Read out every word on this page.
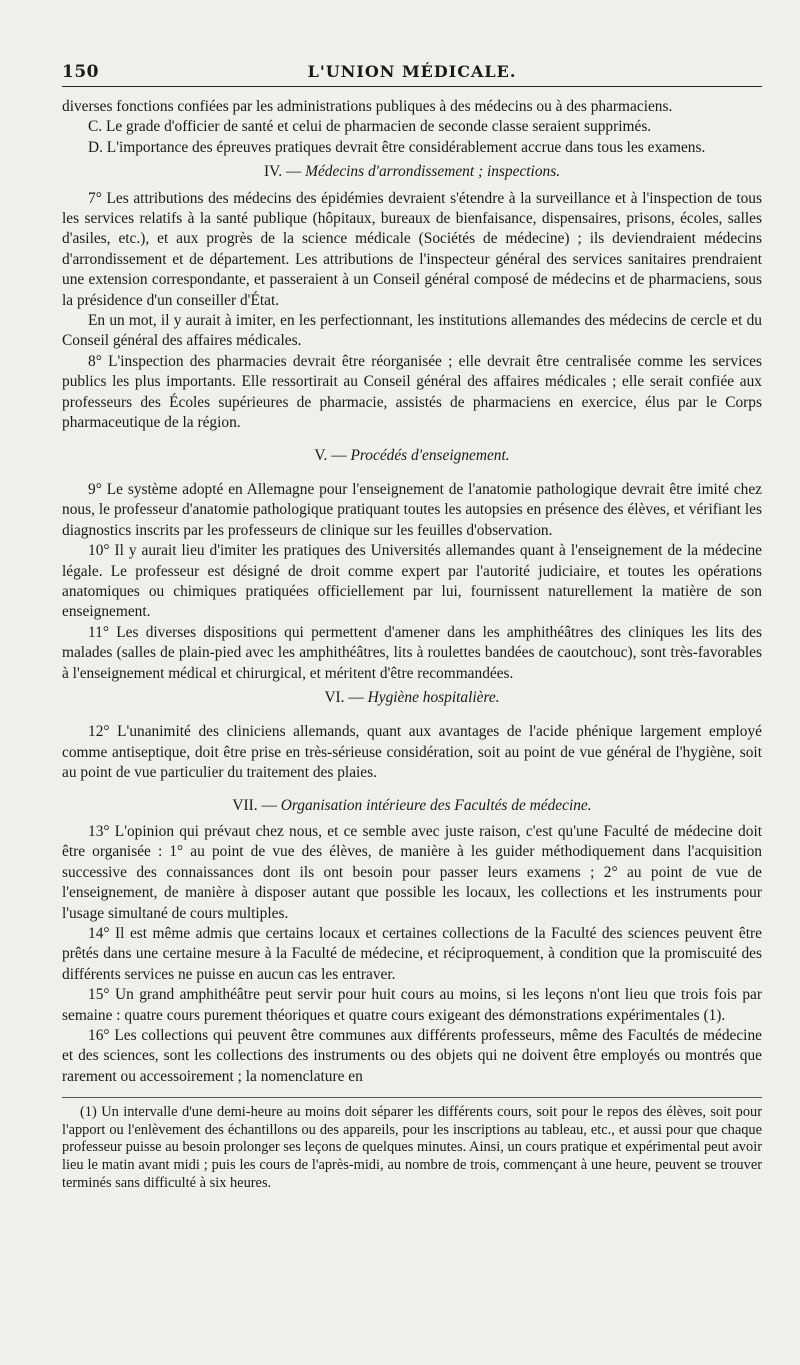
150	L'UNION MÉDICALE.

diverses fonctions confiées par les administrations publiques à des médecins ou à des pharmaciens.

C. Le grade d'officier de santé et celui de pharmacien de seconde classe seraient supprimés.

D. L'importance des épreuves pratiques devrait être considérablement accrue dans tous les examens.

IV. — Médecins d'arrondissement ; inspections.

7° Les attributions des médecins des épidémies devraient s'étendre à la surveillance et à l'inspection de tous les services relatifs à la santé publique (hôpitaux, bureaux de bienfaisance, dispensaires, prisons, écoles, salles d'asiles, etc.), et aux progrès de la science médicale (Sociétés de médecine) ; ils deviendraient médecins d'arrondissement et de département. Les attributions de l'inspecteur général des services sanitaires prendraient une extension correspondante, et passeraient à un Conseil général composé de médecins et de pharmaciens, sous la présidence d'un conseiller d'État.

En un mot, il y aurait à imiter, en les perfectionnant, les institutions allemandes des médecins de cercle et du Conseil général des affaires médicales.

8° L'inspection des pharmacies devrait être réorganisée ; elle devrait être centralisée comme les services publics les plus importants. Elle ressortirait au Conseil général des affaires médicales ; elle serait confiée aux professeurs des Écoles supérieures de pharmacie, assistés de pharmaciens en exercice, élus par le Corps pharmaceutique de la région.

V. — Procédés d'enseignement.

9° Le système adopté en Allemagne pour l'enseignement de l'anatomie pathologique devrait être imité chez nous, le professeur d'anatomie pathologique pratiquant toutes les autopsies en présence des élèves, et vérifiant les diagnostics inscrits par les professeurs de clinique sur les feuilles d'observation.

10° Il y aurait lieu d'imiter les pratiques des Universités allemandes quant à l'enseignement de la médecine légale. Le professeur est désigné de droit comme expert par l'autorité judiciaire, et toutes les opérations anatomiques ou chimiques pratiquées officiellement par lui, fournissent naturellement la matière de son enseignement.

11° Les diverses dispositions qui permettent d'amener dans les amphithéâtres des cliniques les lits des malades (salles de plain-pied avec les amphithéâtres, lits à roulettes bandées de caoutchouc), sont très-favorables à l'enseignement médical et chirurgical, et méritent d'être recommandées.

VI. — Hygiène hospitalière.

12° L'unanimité des cliniciens allemands, quant aux avantages de l'acide phénique largement employé comme antiseptique, doit être prise en très-sérieuse considération, soit au point de vue général de l'hygiène, soit au point de vue particulier du traitement des plaies.

VII. — Organisation intérieure des Facultés de médecine.

13° L'opinion qui prévaut chez nous, et ce semble avec juste raison, c'est qu'une Faculté de médecine doit être organisée : 1° au point de vue des élèves, de manière à les guider méthodiquement dans l'acquisition successive des connaissances dont ils ont besoin pour passer leurs examens ; 2° au point de vue de l'enseignement, de manière à disposer autant que possible les locaux, les collections et les instruments pour l'usage simultané de cours multiples.

14° Il est même admis que certains locaux et certaines collections de la Faculté des sciences peuvent être prêtés dans une certaine mesure à la Faculté de médecine, et réciproquement, à condition que la promiscuité des différents services ne puisse en aucun cas les entraver.

15° Un grand amphithéâtre peut servir pour huit cours au moins, si les leçons n'ont lieu que trois fois par semaine : quatre cours purement théoriques et quatre cours exigeant des démonstrations expérimentales (1).

16° Les collections qui peuvent être communes aux différents professeurs, même des Facultés de médecine et des sciences, sont les collections des instruments ou des objets qui ne doivent être employés ou montrés que rarement ou accessoirement ; la nomenclature en

(1) Un intervalle d'une demi-heure au moins doit séparer les différents cours, soit pour le repos des élèves, soit pour l'apport ou l'enlèvement des échantillons ou des appareils, pour les inscriptions au tableau, etc., et aussi pour que chaque professeur puisse au besoin prolonger ses leçons de quelques minutes. Ainsi, un cours pratique et expérimental peut avoir lieu le matin avant midi ; puis les cours de l'après-midi, au nombre de trois, commençant à une heure, peuvent se trouver terminés sans difficulté à six heures.
